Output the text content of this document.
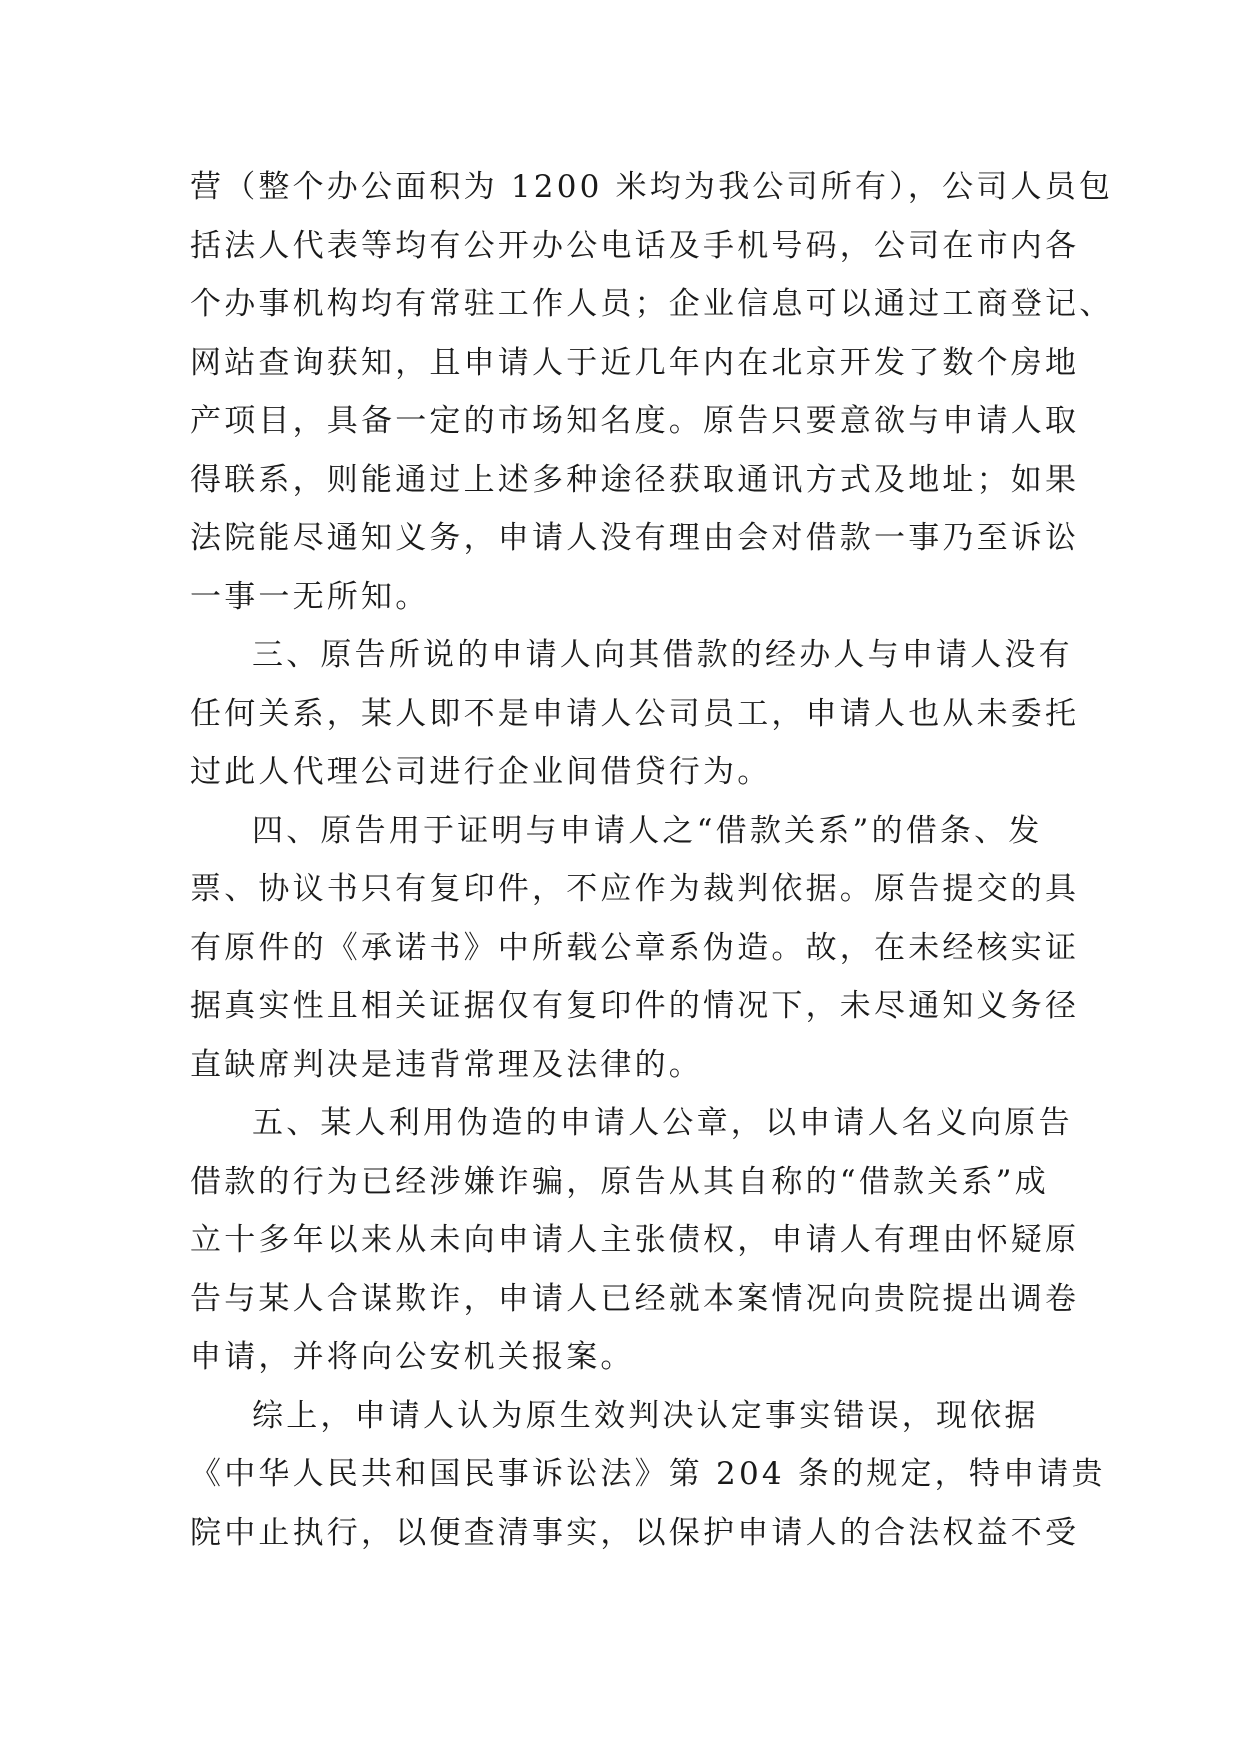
营（整个办公面积为 1200 米均为我公司所有），公司人员包
括法人代表等均有公开办公电话及手机号码，公司在市内各
个办事机构均有常驻工作人员；企业信息可以通过工商登记、
网站查询获知，且申请人于近几年内在北京开发了数个房地
产项目，具备一定的市场知名度。原告只要意欲与申请人取
得联系，则能通过上述多种途径获取通讯方式及地址；如果
法院能尽通知义务，申请人没有理由会对借款一事乃至诉讼
一事一无所知。
三、原告所说的申请人向其借款的经办人与申请人没有
任何关系，某人即不是申请人公司员工，申请人也从未委托
过此人代理公司进行企业间借贷行为。
四、原告用于证明与申请人之“借款关系”的借条、发
票、协议书只有复印件，不应作为裁判依据。原告提交的具
有原件的《承诺书》中所载公章系伪造。故，在未经核实证
据真实性且相关证据仅有复印件的情况下，未尽通知义务径
直缺席判决是违背常理及法律的。
五、某人利用伪造的申请人公章，以申请人名义向原告
借款的行为已经涉嫌诈骗，原告从其自称的“借款关系”成
立十多年以来从未向申请人主张债权，申请人有理由怀疑原
告与某人合谋欺诈，申请人已经就本案情况向贵院提出调卷
申请，并将向公安机关报案。
综上，申请人认为原生效判决认定事实错误，现依据
《中华人民共和国民事诉讼法》第 204 条的规定，特申请贵
院中止执行，以便查清事实，以保护申请人的合法权益不受
